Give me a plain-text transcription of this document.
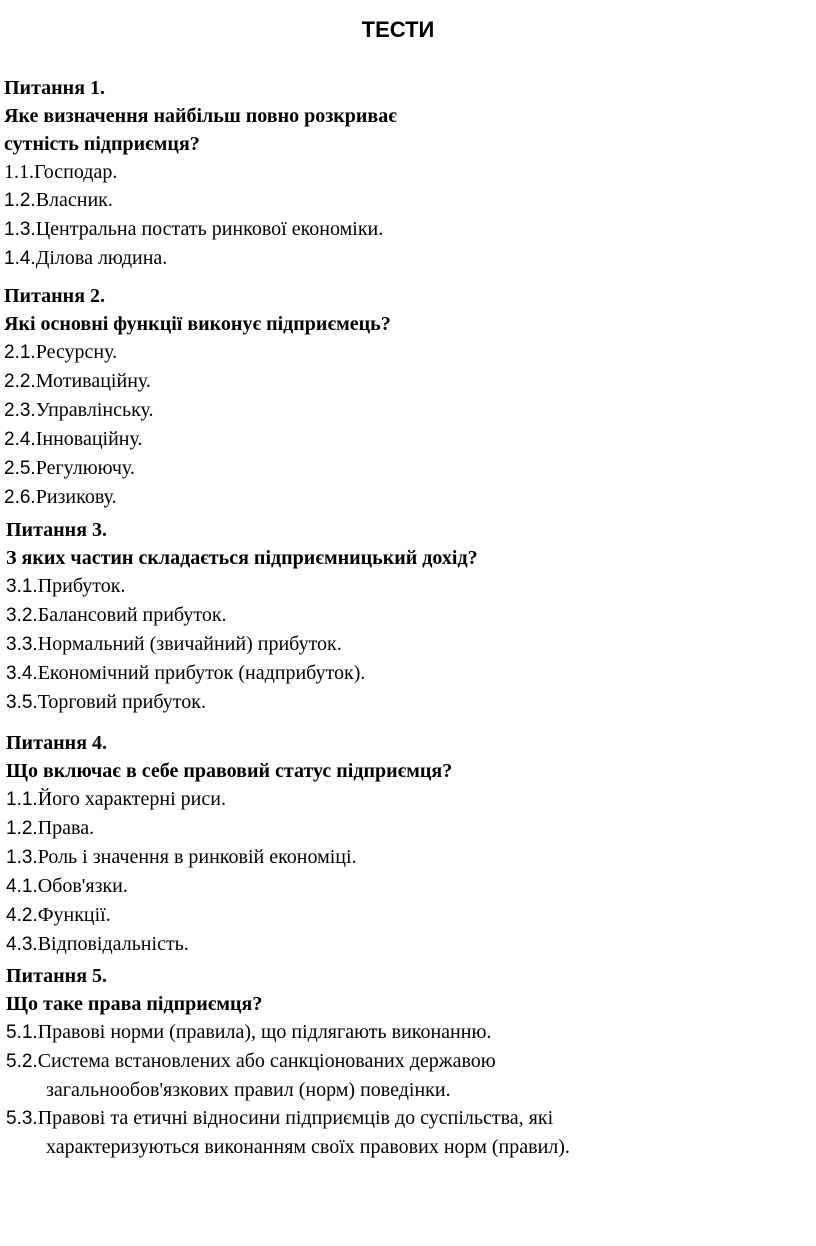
ТЕСТИ
Питання 1.
Яке визначення найбільш повно розкриває
сутність підприємця?
1.1.Господар.
1.2.Власник.
1.3.Центральна постать ринкової економіки.
1.4.Ділова людина.
Питання 2.
Які основні функції виконує підприємець?
2.1.Ресурсну.
2.2.Мотиваційну.
2.3.Управлінську.
2.4.Інноваційну.
2.5.Регулюючу.
2.6.Ризикову.
Питання 3.
З яких частин складається підприємницький дохід?
3.1.Прибуток.
3.2.Балансовий прибуток.
3.3.Нормальний (звичайний) прибуток.
3.4.Економічний прибуток (надприбуток).
3.5.Торговий прибуток.
Питання 4.
Що включає в себе правовий статус підприємця?
1.1.Його характерні риси.
1.2.Права.
1.3.Роль і значення в ринковій економіці.
4.1.Обов'язки.
4.2.Функції.
4.3.Відповідальність.
Питання 5.
Що таке права підприємця?
5.1.Правові норми (правила), що підлягають виконанню.
5.2.Система встановлених або санкціонованих державою
загальнообов'язкових правил (норм) поведінки.
5.3.Правові та етичні відносини підприємців до суспільства, які
характеризуються виконанням своїх правових норм (правил).
